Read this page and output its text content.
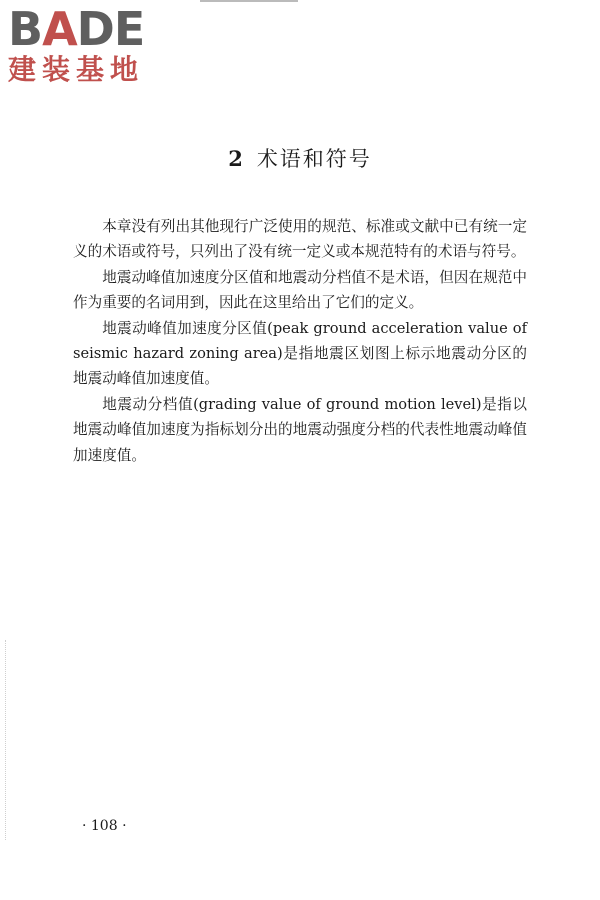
BADE
建装基地
2 术语和符号

本章没有列出其他现行广泛使用的规范、标准或文献中已有统一定义的术语或符号，只列出了没有统一定义或本规范特有的术语与符号。

地震动峰值加速度分区值和地震动分档值不是术语，但因在规范中作为重要的名词用到，因此在这里给出了它们的定义。

地震动峰值加速度分区值(peak ground acceleration value of seismic hazard zoning area)是指地震区划图上标示地震动分区的地震动峰值加速度值。

地震动分档值(grading value of ground motion level)是指以地震动峰值加速度为指标划分出的地震动强度分档的代表性地震动峰值加速度值。

· 108 ·
